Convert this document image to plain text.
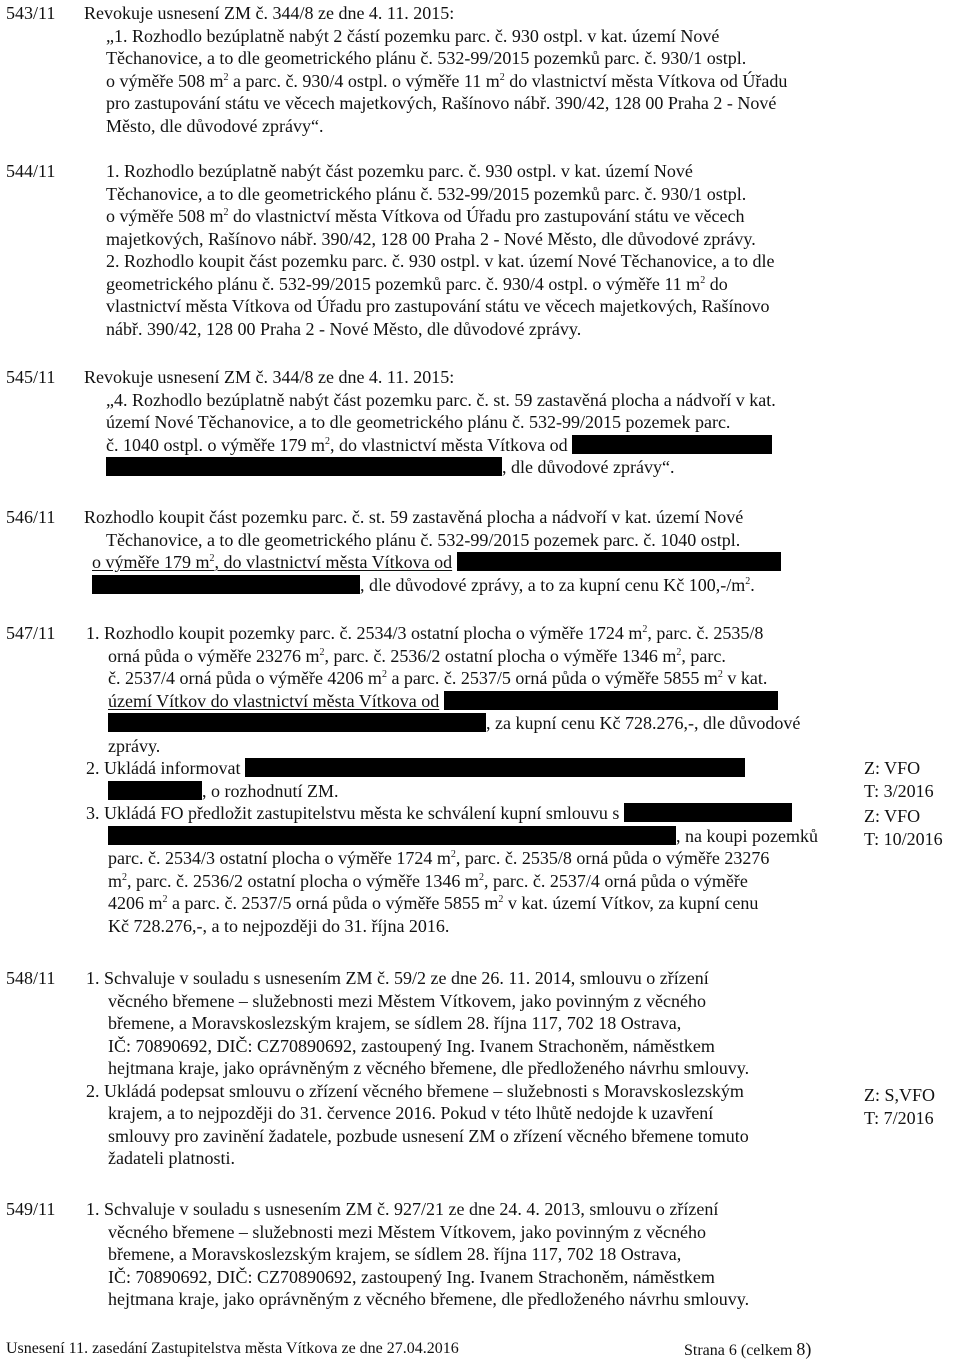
543/11	Revokuje usnesení ZM č. 344/8 ze dne 4. 11. 2015:
„1. Rozhodlo bezúplatně nabýt 2 částí pozemku parc. č. 930 ostpl. v kat. území Nové
Těchanovice, a to dle geometrického plánu č. 532-99/2015 pozemků parc. č. 930/1 ostpl.
o výměře 508 $m^2$ a parc. č. 930/4 ostpl. o výměře 11 $m^2$ do vlastnictví města Vítkova od Úřadu
pro zastupování státu ve věcech majetkových, Rašínovo nábř. 390/42, 128 00 Praha 2 - Nové
Město, dle důvodové zprávy“.
544/11	1. Rozhodlo bezúplatně nabýt část pozemku parc. č. 930 ostpl. v kat. území Nové
Těchanovice, a to dle geometrického plánu č. 532-99/2015 pozemků parc. č. 930/1 ostpl.
o výměře 508 $m^2$ do vlastnictví města Vítkova od Úřadu pro zastupování státu ve věcech
majetkových, Rašínovo nábř. 390/42, 128 00 Praha 2 - Nové Město, dle důvodové zprávy.
2. Rozhodlo koupit část pozemku parc. č. 930 ostpl. v kat. území Nové Těchanovice, a to dle
geometrického plánu č. 532-99/2015 pozemků parc. č. 930/4 ostpl. o výměře 11 $m^2$ do
vlastnictví města Vítkova od Úřadu pro zastupování státu ve věcech majetkových, Rašínovo
nábř. 390/42, 128 00 Praha 2 - Nové Město, dle důvodové zprávy.
545/11	Revokuje usnesení ZM č. 344/8 ze dne 4. 11. 2015:
„4. Rozhodlo bezúplatně nabýt část pozemku parc. č. st. 59 zastavěná plocha a nádvoří v kat.
území Nové Těchanovice, a to dle geometrického plánu č. 532-99/2015 pozemek parc.
č. 1040 ostpl. o výměře 179 $m^2$, do vlastnictví města Vítkova od
, dle důvodové zprávy“.
546/11	Rozhodlo koupit část pozemku parc. č. st. 59 zastavěná plocha a nádvoří v kat. území Nové
Těchanovice, a to dle geometrického plánu č. 532-99/2015 pozemek parc. č. 1040 ostpl.
o výměře 179 $m^2$, do vlastnictví města Vítkova od
, dle důvodové zprávy, a to za kupní cenu Kč $100,-/m^2$.
547/11	1. Rozhodlo koupit pozemky parc. č. 2534/3 ostatní plocha o výměře 1724 $m^2$, parc. č. 2535/8
orná půda o výměře 23276 $m^2$, parc. č. 2536/2 ostatní plocha o výměře 1346 $m^2$, parc.
č. 2537/4 orná půda o výměře 4206 $m^2$ a parc. č. 2537/5 orná půda o výměře 5855 $m^2$ v kat.
území Vítkov do vlastnictví města Vítkova od
, za kupní cenu Kč 728.276,-, dle důvodové
zprávy.
2. Ukládá informovat
, o rozhodnutí ZM.
3. Ukládá FO předložit zastupitelstvu města ke schválení kupní smlouvu s
, na koupi pozemků
parc. č. 2534/3 ostatní plocha o výměře 1724 $m^2$, parc. č. 2535/8 orná půda o výměře 23276
$m^2$, parc. č. 2536/2 ostatní plocha o výměře 1346 $m^2$, parc. č. 2537/4 orná půda o výměře
4206 $m^2$ a parc. č. 2537/5 orná půda o výměře 5855 $m^2$ v kat. území Vítkov, za kupní cenu
Kč 728.276,-, a to nejpozději do 31. října 2016.
Z: VFO
T: 3/2016
Z: VFO
T: 10/2016
548/11	1. Schvaluje v souladu s usnesením ZM č. 59/2 ze dne 26. 11. 2014, smlouvu o zřízení
věcného břemene – služebnosti mezi Městem Vítkovem, jako povinným z věcného
břemene, a Moravskoslezským krajem, se sídlem 28. října 117, 702 18 Ostrava,
IČ: 70890692, DIČ: CZ70890692, zastoupený Ing. Ivanem Strachoněm, náměstkem
hejtmana kraje, jako oprávněným z věcného břemene, dle předloženého návrhu smlouvy.
2. Ukládá podepsat smlouvu o zřízení věcného břemene – služebnosti s Moravskoslezským
krajem, a to nejpozději do 31. července 2016. Pokud v této lhůtě nedojde k uzavření
smlouvy pro zavinění žadatele, pozbude usnesení ZM o zřízení věcného břemene tomuto
žadateli platnosti.
Z: S,VFO
T: 7/2016
549/11	1. Schvaluje v souladu s usnesením ZM č. 927/21 ze dne 24. 4. 2013, smlouvu o zřízení
věcného břemene – služebnosti mezi Městem Vítkovem, jako povinným z věcného
břemene, a Moravskoslezským krajem, se sídlem 28. října 117, 702 18 Ostrava,
IČ: 70890692, DIČ: CZ70890692, zastoupený Ing. Ivanem Strachoněm, náměstkem
hejtmana kraje, jako oprávněným z věcného břemene, dle předloženého návrhu smlouvy.
Usnesení 11. zasedání Zastupitelstva města Vítkova ze dne 27.04.2016	Strana 6 (celkem 8)
